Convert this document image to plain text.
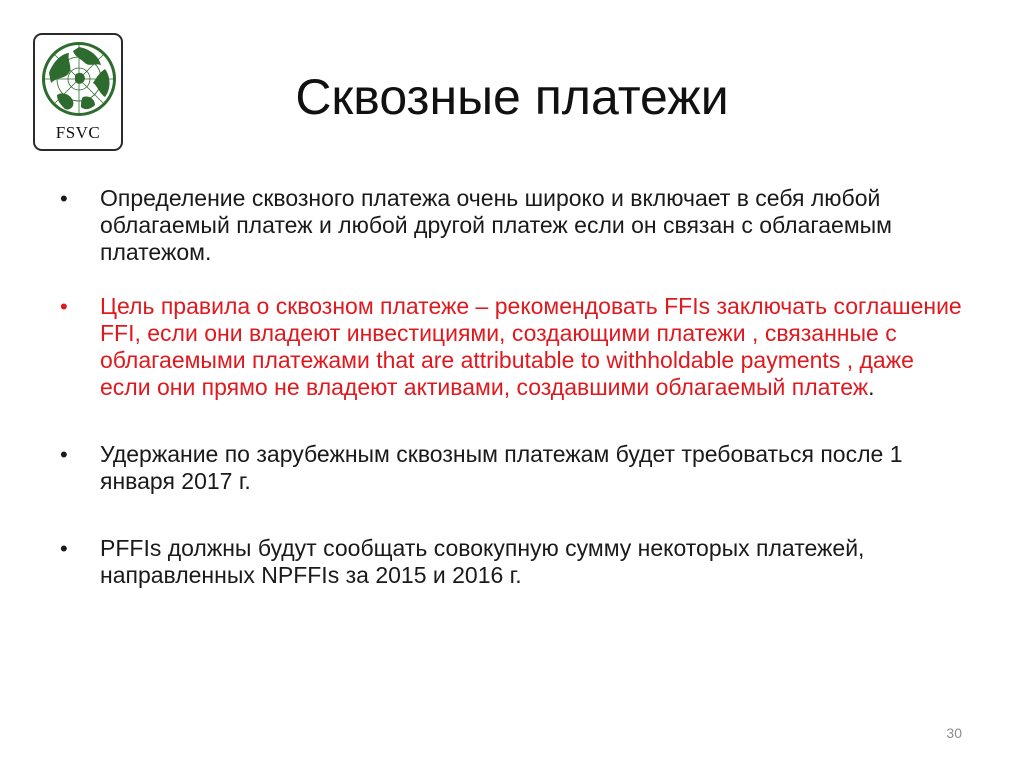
FSVC
Сквозные платежи
• Определение сквозного платежа очень широко и включает в себя любой облагаемый платеж и любой другой платеж если он связан с облагаемым платежом.
• Цель правила о сквозном платеже – рекомендовать FFIs заключать соглашение FFI, если они владеют инвестициями, создающими платежи , связанные с облагаемыми платежами that are attributable to withholdable payments , даже если они прямо не владеют активами, создавшими облагаемый платеж.
• Удержание по зарубежным сквозным платежам будет требоваться после 1 января 2017 г.
• PFFIs должны будут сообщать совокупную сумму некоторых платежей, направленных NPFFIs за 2015 и 2016 г.
30
